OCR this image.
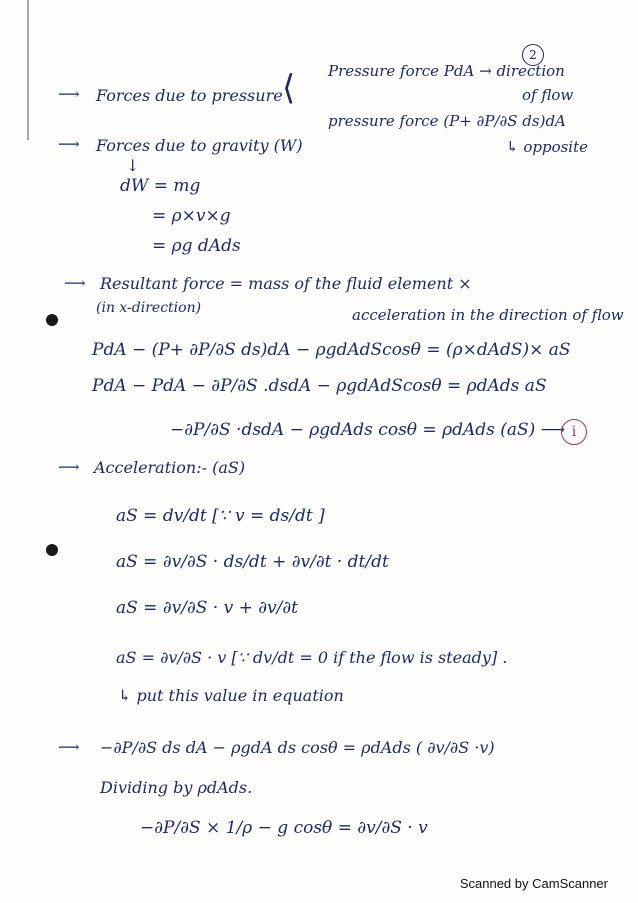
2
⟶ Forces due to pressure ⟨ Pressure force PdA → direction
of flow
pressure force (P+ ∂P/∂S ds)dA
↳ opposite
⟶ Forces due to gravity (W)
↓
dW = mg
= ρ×v×g
= ρg dAds
⟶ Resultant force = mass of the fluid element ×
(in x-direction)	acceleration in the direction of flow
PdA − (P+ ∂P/∂S ds)dA − ρgdAdScosθ = (ρ×dAdS)× aS
PdA − PdA − ∂P/∂S .dsdA − ρgdAdScosθ = ρdAds aS
−∂P/∂S ·dsdA − ρgdAds cosθ = ρdAds (aS) ⟶ i
⟶ Acceleration:- (aS)
aS = dv/dt [∵ v = ds/dt ]
aS = ∂v/∂S · ds/dt + ∂v/∂t · dt/dt
aS = ∂v/∂S · v + ∂v/∂t
aS = ∂v/∂S · v [∵ dv/dt = 0 if the flow is steady] .
↳ put this value in equation
⟶ −∂P/∂S ds dA − ρgdA ds cosθ = ρdAds ( ∂v/∂S ·v)
Dividing by ρdAds.
−∂P/∂S × 1/ρ − g cosθ = ∂v/∂S · v
Scanned by CamScanner
